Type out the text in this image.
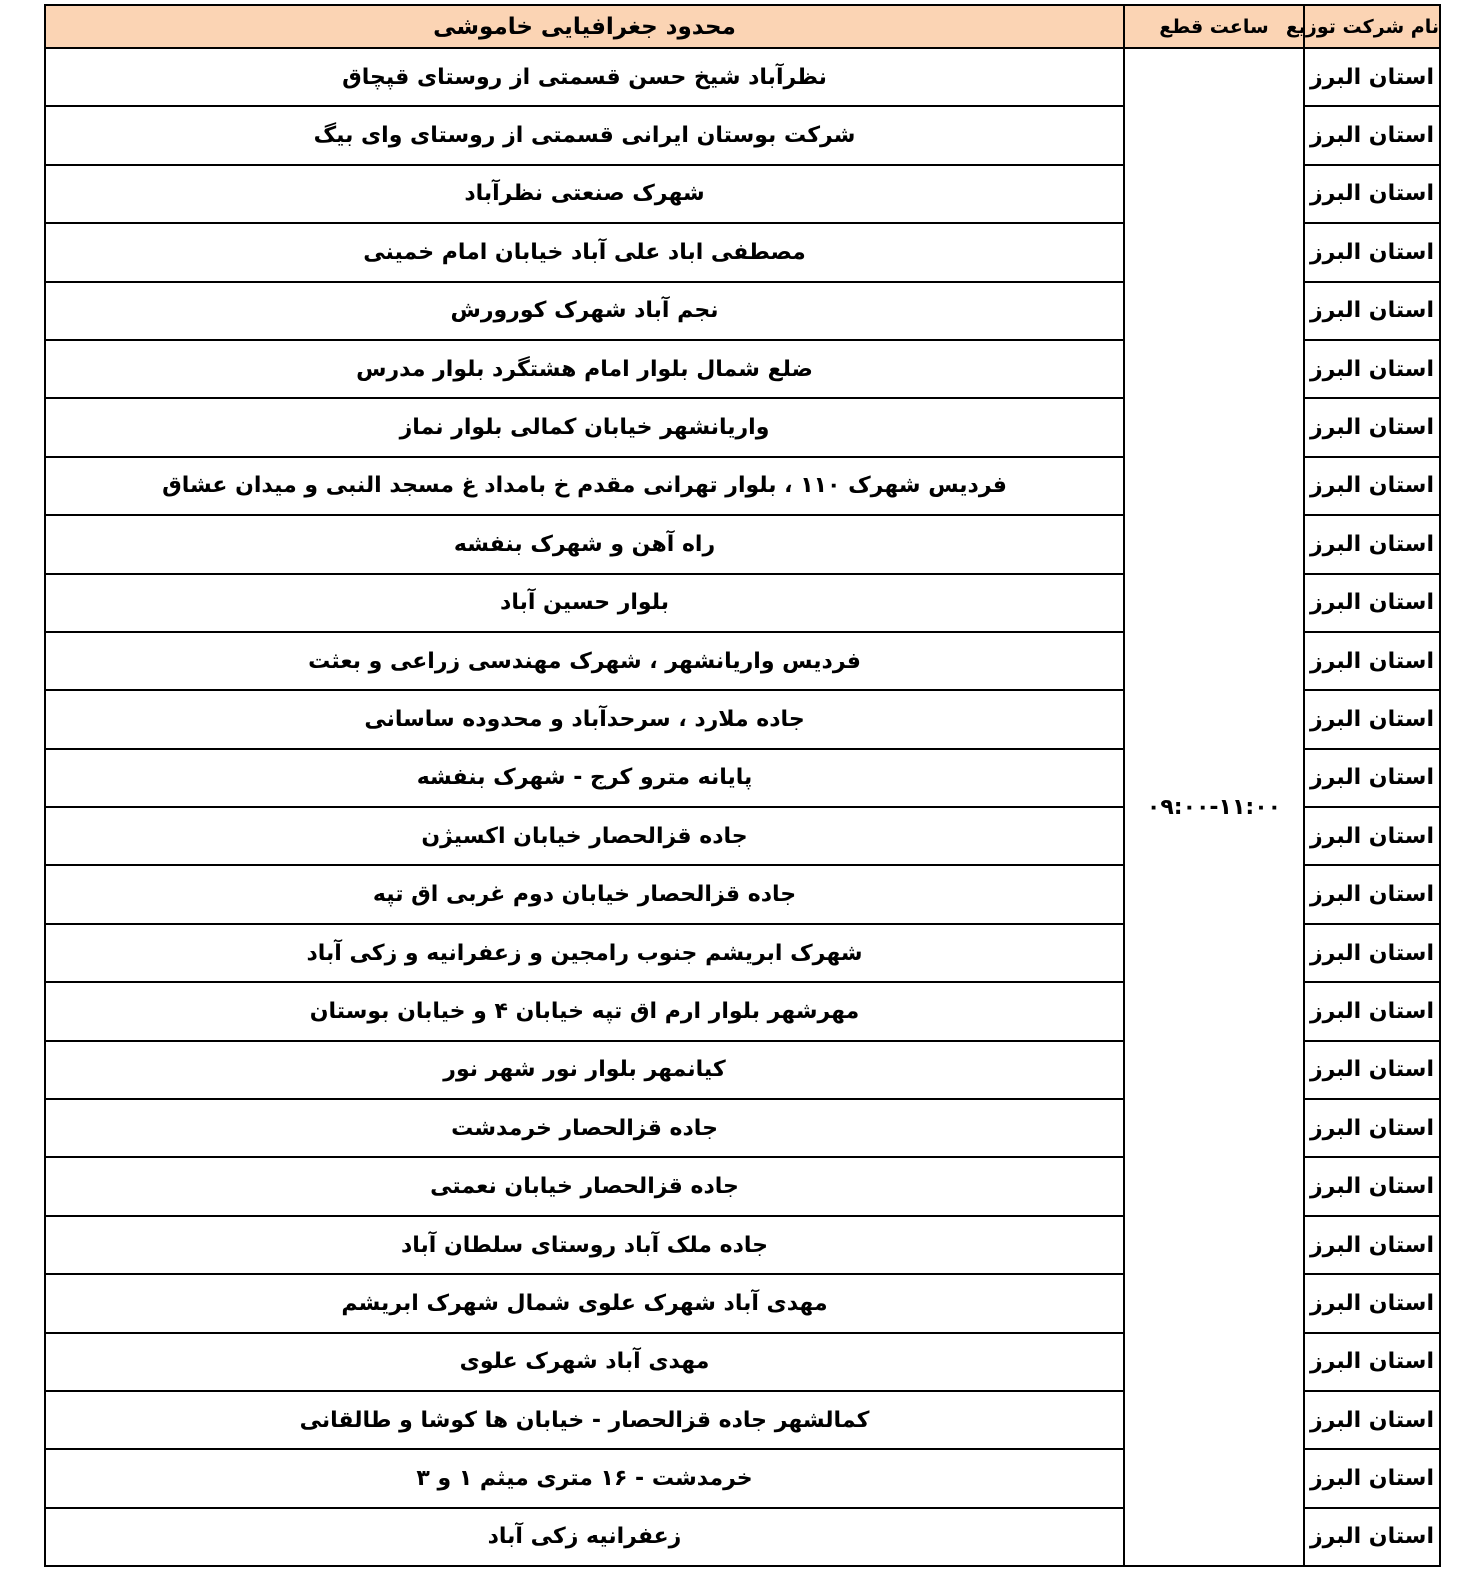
نام شرکت توزیع	ساعت قطع	محدود جغرافیایی خاموشی
استان البرز	۰۹:۰۰-۱۱:۰۰	نظرآباد شیخ حسن قسمتی از روستای قپچاق
استان البرز		شرکت بوستان ایرانی قسمتی از روستای وای بیگ
استان البرز		شهرک صنعتی نظرآباد
استان البرز		مصطفی اباد علی آباد خیابان امام خمینی
استان البرز		نجم آباد شهرک کورورش
استان البرز		ضلع شمال بلوار امام هشتگرد بلوار مدرس
استان البرز		واریانشهر خیابان کمالی بلوار نماز
استان البرز		فردیس شهرک ۱۱۰ ، بلوار تهرانی مقدم خ بامداد غ مسجد النبی و میدان عشاق
استان البرز		راه آهن و شهرک بنفشه
استان البرز		بلوار حسین آباد
استان البرز		فردیس واریانشهر ، شهرک مهندسی زراعی و بعثت
استان البرز		جاده ملارد ، سرحدآباد و محدوده ساسانی
استان البرز		پایانه مترو کرج - شهرک بنفشه
استان البرز		جاده قزالحصار خیابان اکسیژن
استان البرز		جاده قزالحصار خیابان دوم غربی اق تپه
استان البرز		شهرک ابریشم جنوب رامجین و زعفرانیه و زکی آباد
استان البرز		مهرشهر بلوار ارم اق تپه خیابان ۴ و خیابان بوستان
استان البرز		کیانمهر بلوار نور شهر نور
استان البرز		جاده قزالحصار خرمدشت
استان البرز		جاده قزالحصار خیابان نعمتی
استان البرز		جاده ملک آباد روستای سلطان آباد
استان البرز		مهدی آباد شهرک علوی شمال شهرک ابریشم
استان البرز		مهدی آباد شهرک علوی
استان البرز		کمالشهر جاده قزالحصار - خیابان ها کوشا و طالقانی
استان البرز		خرمدشت - ۱۶ متری میثم ۱ و ۳
استان البرز		زعفرانیه زکی آباد
